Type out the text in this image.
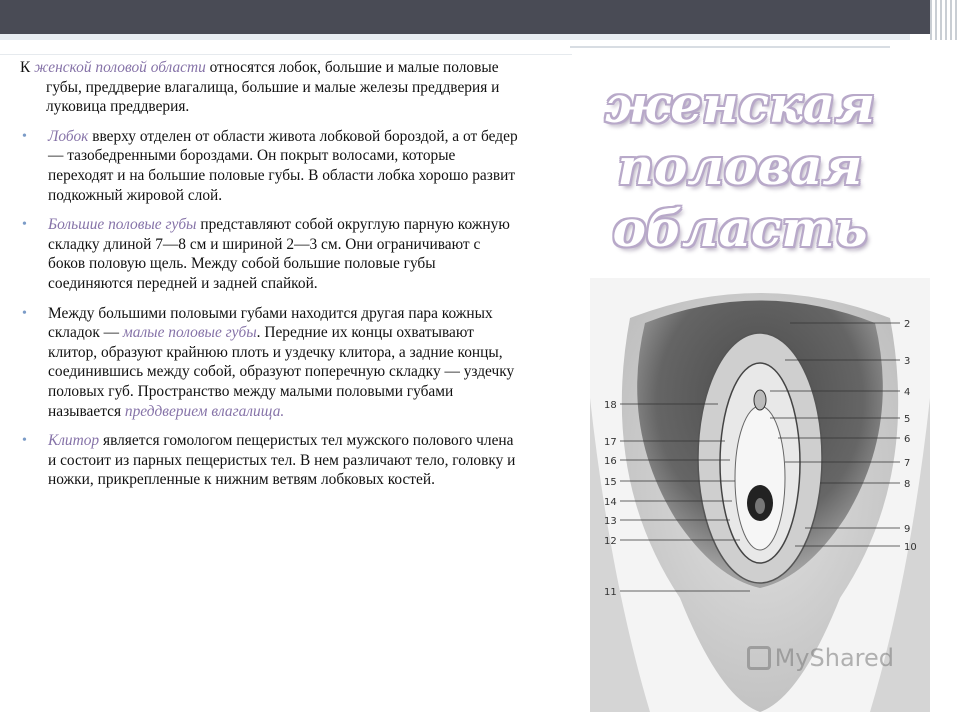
женская половая
область

К женской половой области относятся лобок, большие и малые половые губы, преддверие влагалища, большие и малые железы преддверия и луковица преддверия.

• Лобок вверху отделен от области живота лобковой бороздой, а от бедер — тазобедренными бороздами. Он покрыт волосами, которые переходят и на большие половые губы. В области лобка хорошо развит подкожный жировой слой.

• Большие половые губы представляют собой округлую парную кожную складку длиной 7—8 см и шириной 2—3 см. Они ограничивают с боков половую щель. Между собой большие половые губы соединяются передней и задней спайкой.

• Между большими половыми губами находится другая пара кожных складок — малые половые губы. Передние их концы охватывают клитор, образуют крайнюю плоть и уздечку клитора, а задние концы, соединившись между собой, образуют поперечную складку — уздечку половых губ. Пространство между малыми половыми губами называется преддверием влагалища.

• Клитор является гомологом пещеристых тел мужского полового члена и состоит из парных пещеристых тел. В нем различают тело, головку и ножки, прикрепленные к нижним ветвям лобковых костей.

2
3
4
5
6
7
8
9
10
18
17
16
15
14
13
12
11
MyShared
